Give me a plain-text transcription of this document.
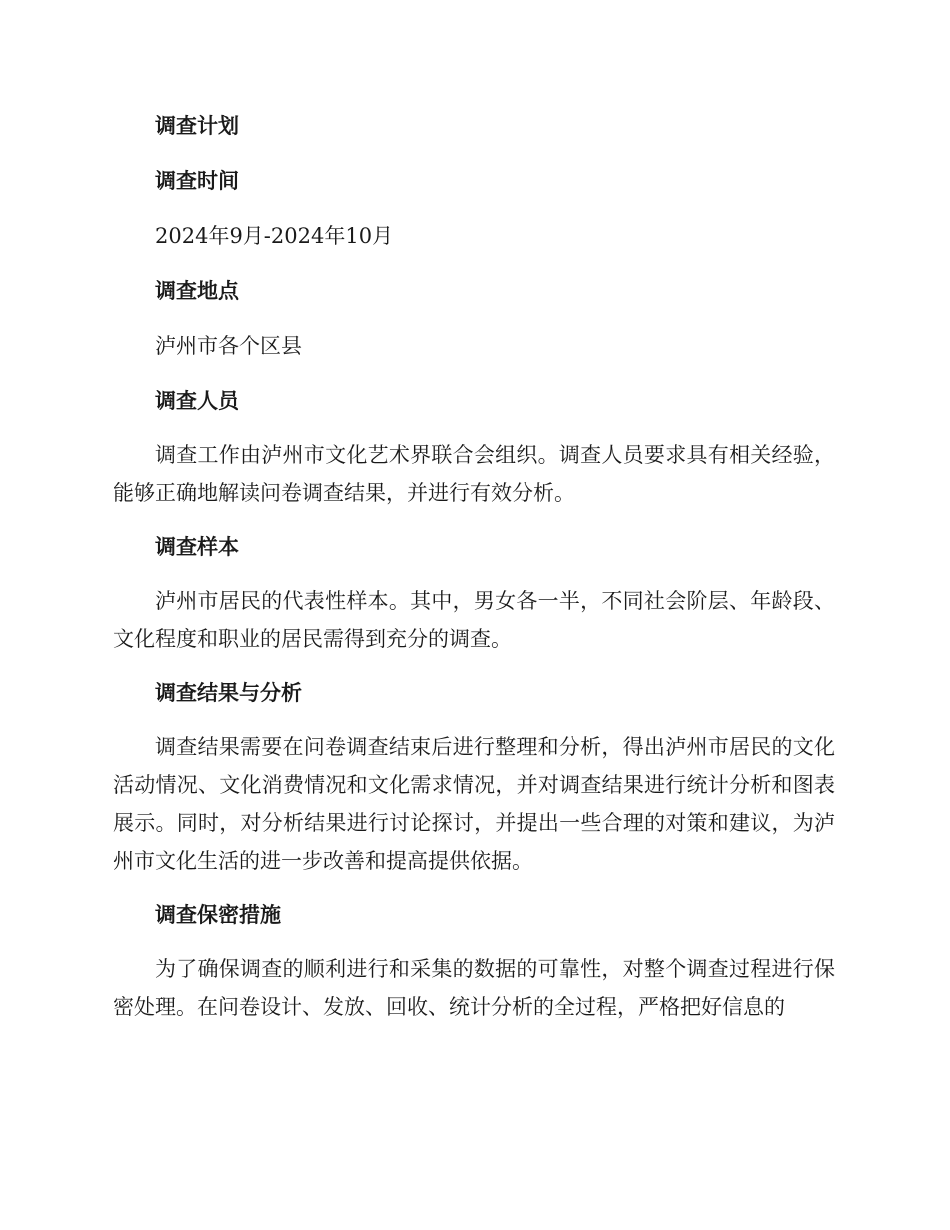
调查计划
调查时间

2024年9月-2024年10月

调查地点

泸州市各个区县

调查人员

调查工作由泸州市文化艺术界联合会组织。调查人员要求具有相关经验，能够正确地解读问卷调查结果，并进行有效分析。

调查样本

泸州市居民的代表性样本。其中，男女各一半，不同社会阶层、年龄段、文化程度和职业的居民需得到充分的调查。

调查结果与分析

调查结果需要在问卷调查结束后进行整理和分析，得出泸州市居民的文化活动情况、文化消费情况和文化需求情况，并对调查结果进行统计分析和图表展示。同时，对分析结果进行讨论探讨，并提出一些合理的对策和建议，为泸州市文化生活的进一步改善和提高提供依据。

调查保密措施

为了确保调查的顺利进行和采集的数据的可靠性，对整个调查过程进行保密处理。在问卷设计、发放、回收、统计分析的全过程，严格把好信息的
